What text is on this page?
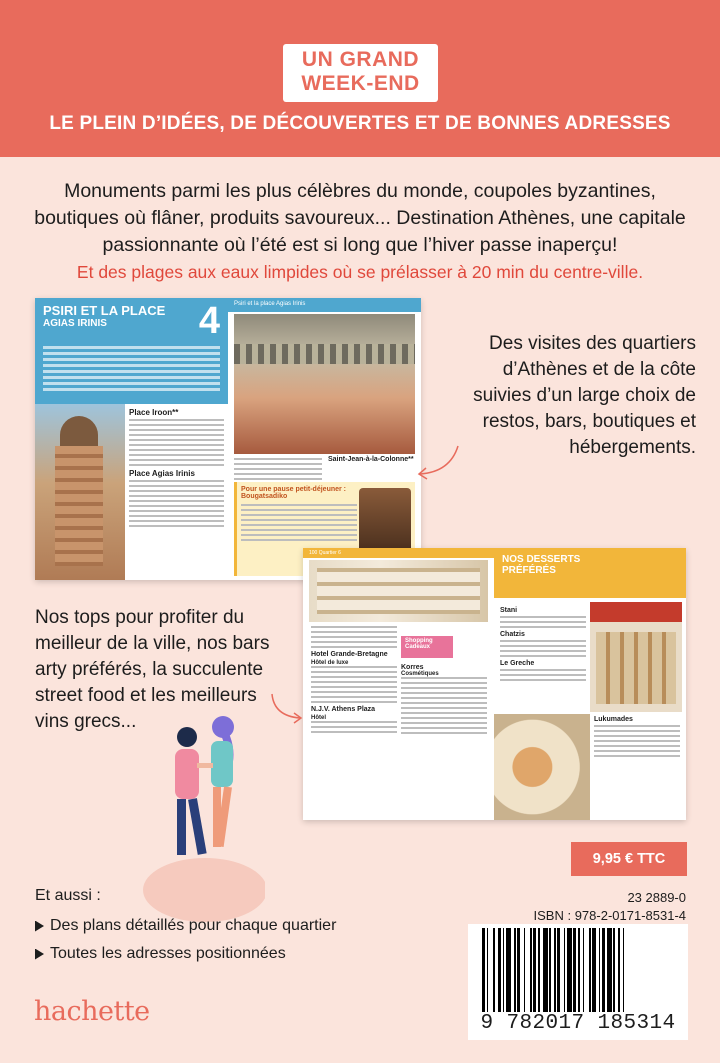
UN GRAND
WEEK-END
LE PLEIN D’IDÉES, DE DÉCOUVERTES ET DE BONNES ADRESSES
Monuments parmi les plus célèbres du monde, coupoles byzantines, boutiques où flâner, produits savoureux... Destination Athènes, une capitale passionnante où l’été est si long que l’hiver passe inaperçu!
Et des plages aux eaux limpides où se prélasser à 20 min du centre-ville.
PSIRI ET LA PLACE
AGIAS IRINIS	4
Place Iroon**
Place Agias Irinis
Psiri et la place Agias Irinis
Saint-Jean-à-la-Colonne**
Pour une pause petit-déjeuner : Bougatsadiko
100 Quartier 6
Hotel Grande-Bretagne
Hôtel de luxe
N.J.V. Athens Plaza
Hôtel
Shopping Cadeaux
Korres
Cosmétiques
NOS DESSERTS
PRÉFÉRÉS
Stani
Chatzis
Le Greche
Lukumades
Des visites des quartiers d’Athènes et de la côte suivies d’un large choix de restos, bars, boutiques et hébergements.
Nos tops pour profiter du meilleur de la ville, nos bars arty préférés, la succulente street food et les meilleurs vins grecs...
9,95 € TTC
23 2889-0
ISBN : 978-2-0171-8531-4
Et aussi :
Des plans détaillés pour chaque quartier
Toutes les adresses positionnées
hachette	9 782017 185314
